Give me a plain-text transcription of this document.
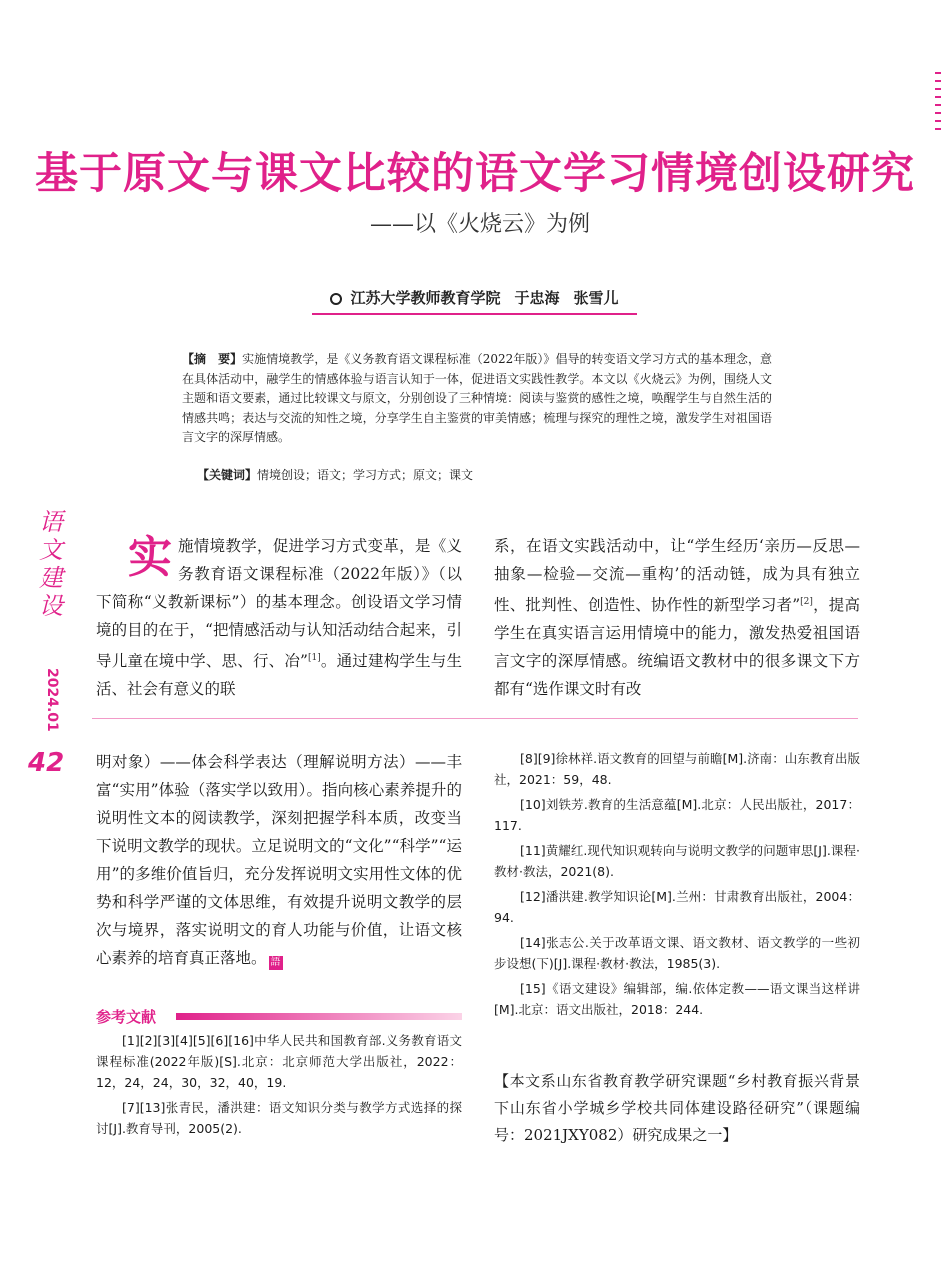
基于原文与课文比较的语文学习情境创设研究
——以《火烧云》为例
江苏大学教师教育学院 于忠海 张雪儿
【摘　要】实施情境教学，是《义务教育语文课程标准（2022年版）》倡导的转变语文学习方式的基本理念，意在具体活动中，融学生的情感体验与语言认知于一体，促进语文实践性教学。本文以《火烧云》为例，围绕人文主题和语文要素，通过比较课文与原文，分别创设了三种情境：阅读与鉴赏的感性之境，唤醒学生与自然生活的情感共鸣；表达与交流的知性之境，分享学生自主鉴赏的审美情感；梳理与探究的理性之境，激发学生对祖国语言文字的深厚情感。
【关键词】情境创设；语文；学习方式；原文；课文
语文建设
2024.01
42
实施情境教学，促进学习方式变革，是《义务教育语文课程标准（2022年版）》（以下简称“义教新课标”）的基本理念。创设语文学习情境的目的在于，“把情感活动与认知活动结合起来，引导儿童在境中学、思、行、冶”[1]。通过建构学生与生活、社会有意义的联
系，在语文实践活动中，让“学生经历‘亲历—反思—抽象—检验—交流—重构’的活动链，成为具有独立性、批判性、创造性、协作性的新型学习者”[2]，提高学生在真实语言运用情境中的能力，激发热爱祖国语言文字的深厚情感。统编语文教材中的很多课文下方都有“选作课文时有改
明对象）——体会科学表达（理解说明方法）——丰富“实用”体验（落实学以致用）。指向核心素养提升的说明性文本的阅读教学，深刻把握学科本质，改变当下说明文教学的现状。立足说明文的“文化”“科学”“运用”的多维价值旨归，充分发挥说明文实用性文体的优势和科学严谨的文体思维，有效提升说明文教学的层次与境界，落实说明文的育人功能与价值，让语文核心素养的培育真正落地。 語
参考文献

[1][2][3][4][5][6][16]中华人民共和国教育部.义务教育语文课程标准(2022年版)[S].北京：北京师范大学出版社，2022：12，24，24，30，32，40，19.

[7][13]张青民，潘洪建：语文知识分类与教学方式选择的探讨[J].教育导刊，2005(2).

[8][9]徐林祥.语文教育的回望与前瞻[M].济南：山东教育出版社，2021：59，48.

[10]刘铁芳.教育的生活意蕴[M].北京：人民出版社，2017：117.

[11]黄耀红.现代知识观转向与说明文教学的问题审思[J].课程·教材·教法，2021(8).

[12]潘洪建.教学知识论[M].兰州：甘肃教育出版社，2004：94.

[14]张志公.关于改革语文课、语文教材、语文教学的一些初步设想(下)[J].课程·教材·教法，1985(3).

[15]《语文建设》编辑部，编.依体定教——语文课当这样讲[M].北京：语文出版社，2018：244.

【本文系山东省教育教学研究课题“乡村教育振兴背景下山东省小学城乡学校共同体建设路径研究”（课题编号：2021JXY082）研究成果之一】
